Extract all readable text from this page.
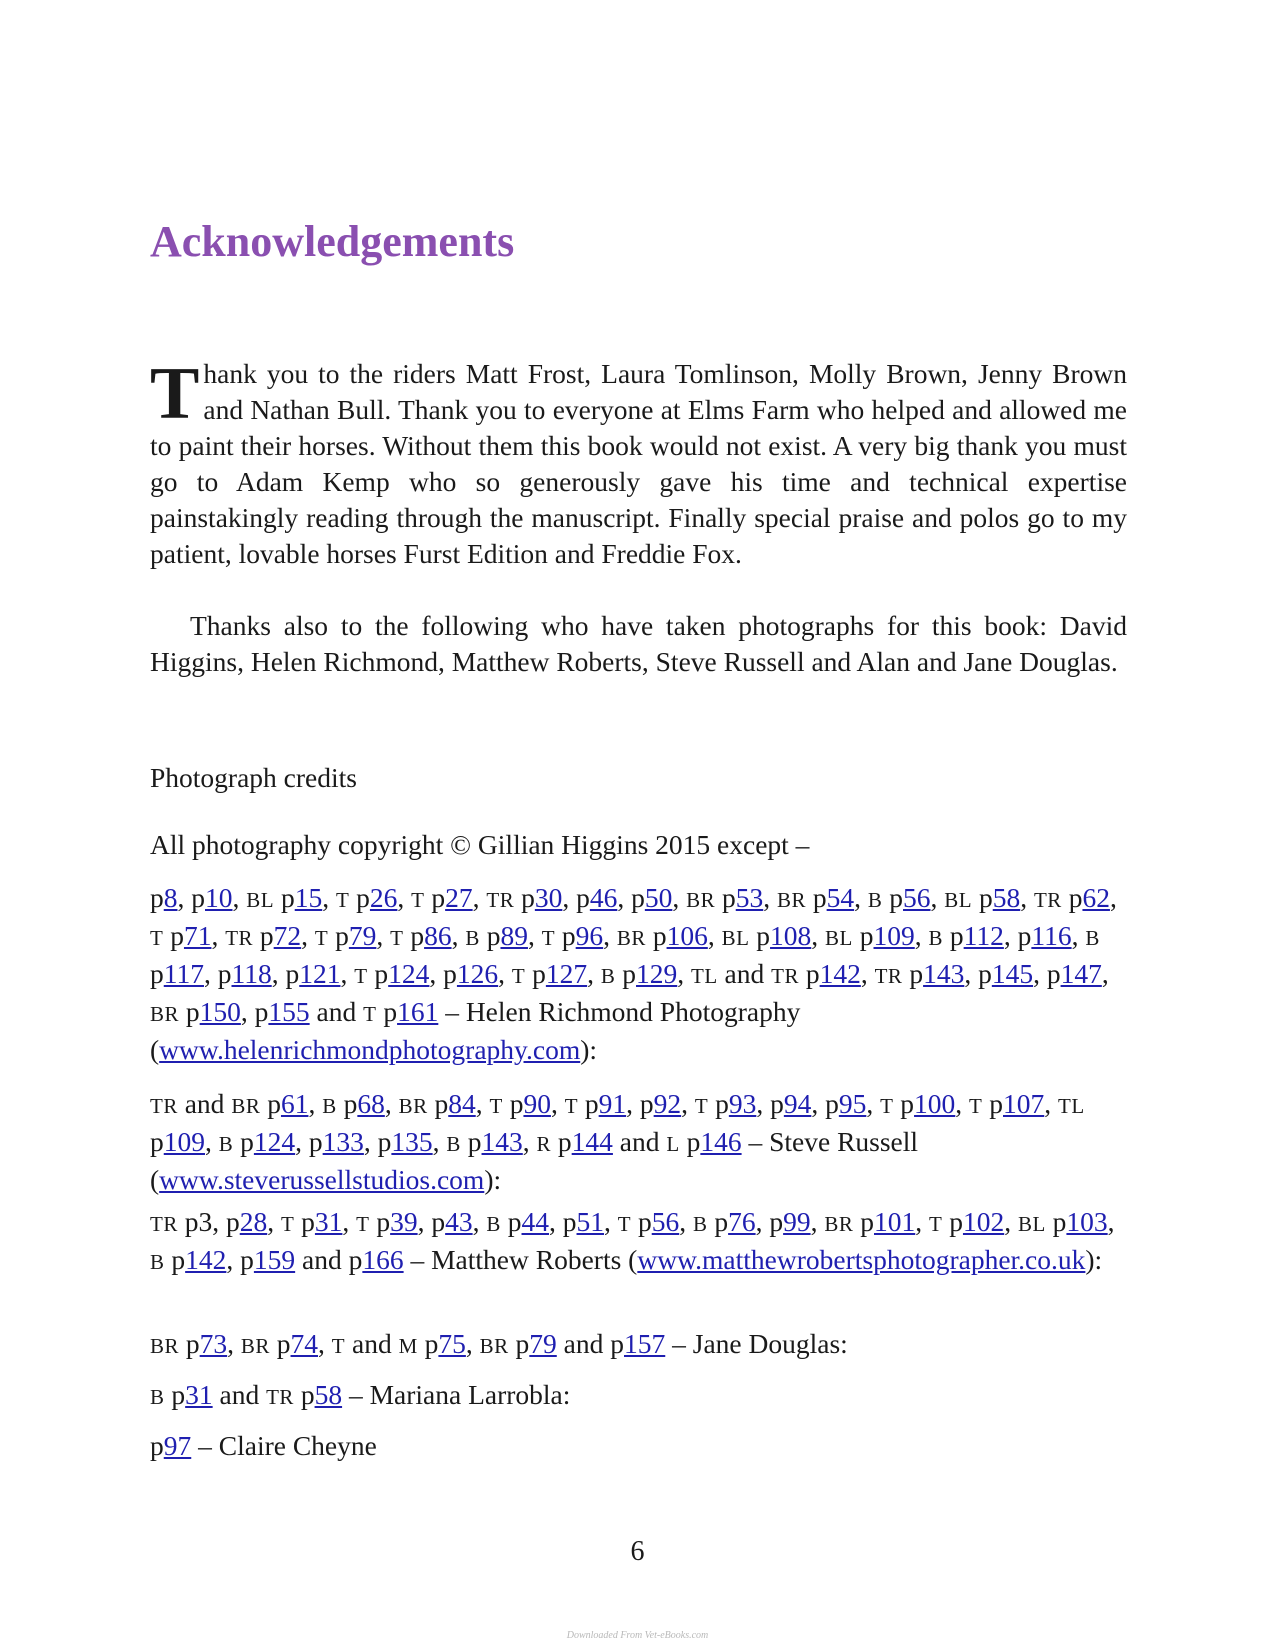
Acknowledgements

Thank you to the riders Matt Frost, Laura Tomlinson, Molly Brown, Jenny Brown and Nathan Bull. Thank you to everyone at Elms Farm who helped and allowed me to paint their horses. Without them this book would not exist. A very big thank you must go to Adam Kemp who so generously gave his time and technical expertise painstakingly reading through the manuscript. Finally special praise and polos go to my patient, lovable horses Furst Edition and Freddie Fox.

Thanks also to the following who have taken photographs for this book: David Higgins, Helen Richmond, Matthew Roberts, Steve Russell and Alan and Jane Douglas.

Photograph credits

All photography copyright © Gillian Higgins 2015 except –

p8, p10, BL p15, T p26, T p27, TR p30, p46, p50, BR p53, BR p54, B p56, BL p58, TR p62, T p71, TR p72, T p79, T p86, B p89, T p96, BR p106, BL p108, BL p109, B p112, p116, B p117, p118, p121, T p124, p126, T p127, B p129, TL and TR p142, TR p143, p145, p147, BR p150, p155 and T p161 – Helen Richmond Photography (www.helenrichmondphotography.com):

TR and BR p61, B p68, BR p84, T p90, T p91, p92, T p93, p94, p95, T p100, T p107, TL p109, B p124, p133, p135, B p143, R p144 and L p146 – Steve Russell (www.steverussellstudios.com):

TR p3, p28, T p31, T p39, p43, B p44, p51, T p56, B p76, p99, BR p101, T p102, BL p103, B p142, p159 and p166 – Matthew Roberts (www.matthewrobertsphotographer.co.uk):

BR p73, BR p74, T and M p75, BR p79 and p157 – Jane Douglas:

B p31 and TR p58 – Mariana Larrobla:

p97 – Claire Cheyne

6

Downloaded From Vet-eBooks.com
